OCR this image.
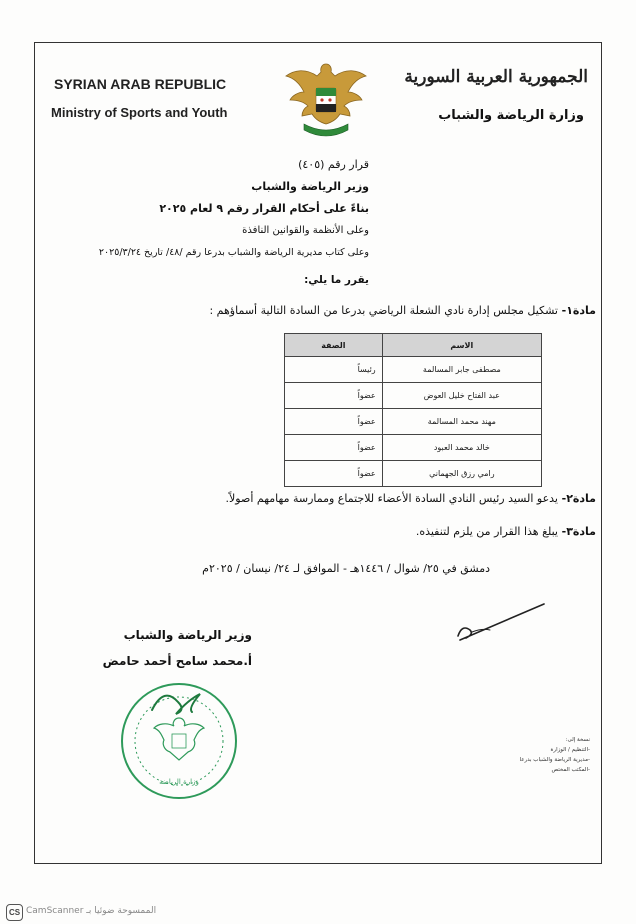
SYRIAN ARAB REPUBLIC
Ministry of Sports and Youth
الجمهورية العربية السورية
وزارة الرياضة والشباب
قرار رقم (٤٠٥)
وزير الرياضة والشباب
بناءً على أحكام القرار رقم ٩ لعام ٢٠٢٥
وعلى الأنظمة والقوانين النافذة
وعلى كتاب مديرية الرياضة والشباب بدرعا رقم /٤٨/ تاريخ ٢٠٢٥/٣/٢٤
يقرر ما يلي:
مادة١-
تشكيل مجلس إدارة نادي الشعلة الرياضي بدرعا من السادة التالية أسماؤهم :
الاسم	الصفة
مصطفى جابر المسالمة	رئيساً
عبد الفتاح خليل العوض	عضواً
مهند محمد المسالمة	عضواً
خالد محمد العبود	عضواً
رامي رزق الجهماني	عضواً
مادة٢-
يدعو السيد رئيس النادي السادة الأعضاء للاجتماع وممارسة مهامهم أصولاً.
مادة٣-
يبلغ هذا القرار من يلزم لتنفيذه.
دمشق في ٢٥/ شوال / ١٤٤٦هـ - الموافق لـ ٢٤/ نيسان / ٢٠٢٥م
وزير الرياضة والشباب
أ.محمد سامح أحمد حامض
وزارة الرياضة
نسخة إلى:
-التنظيم / الوزارة
-مديرية الرياضة والشباب بدرعا
-المكتب المختص
CS الممسوحة ضوئيا بـ CamScanner
